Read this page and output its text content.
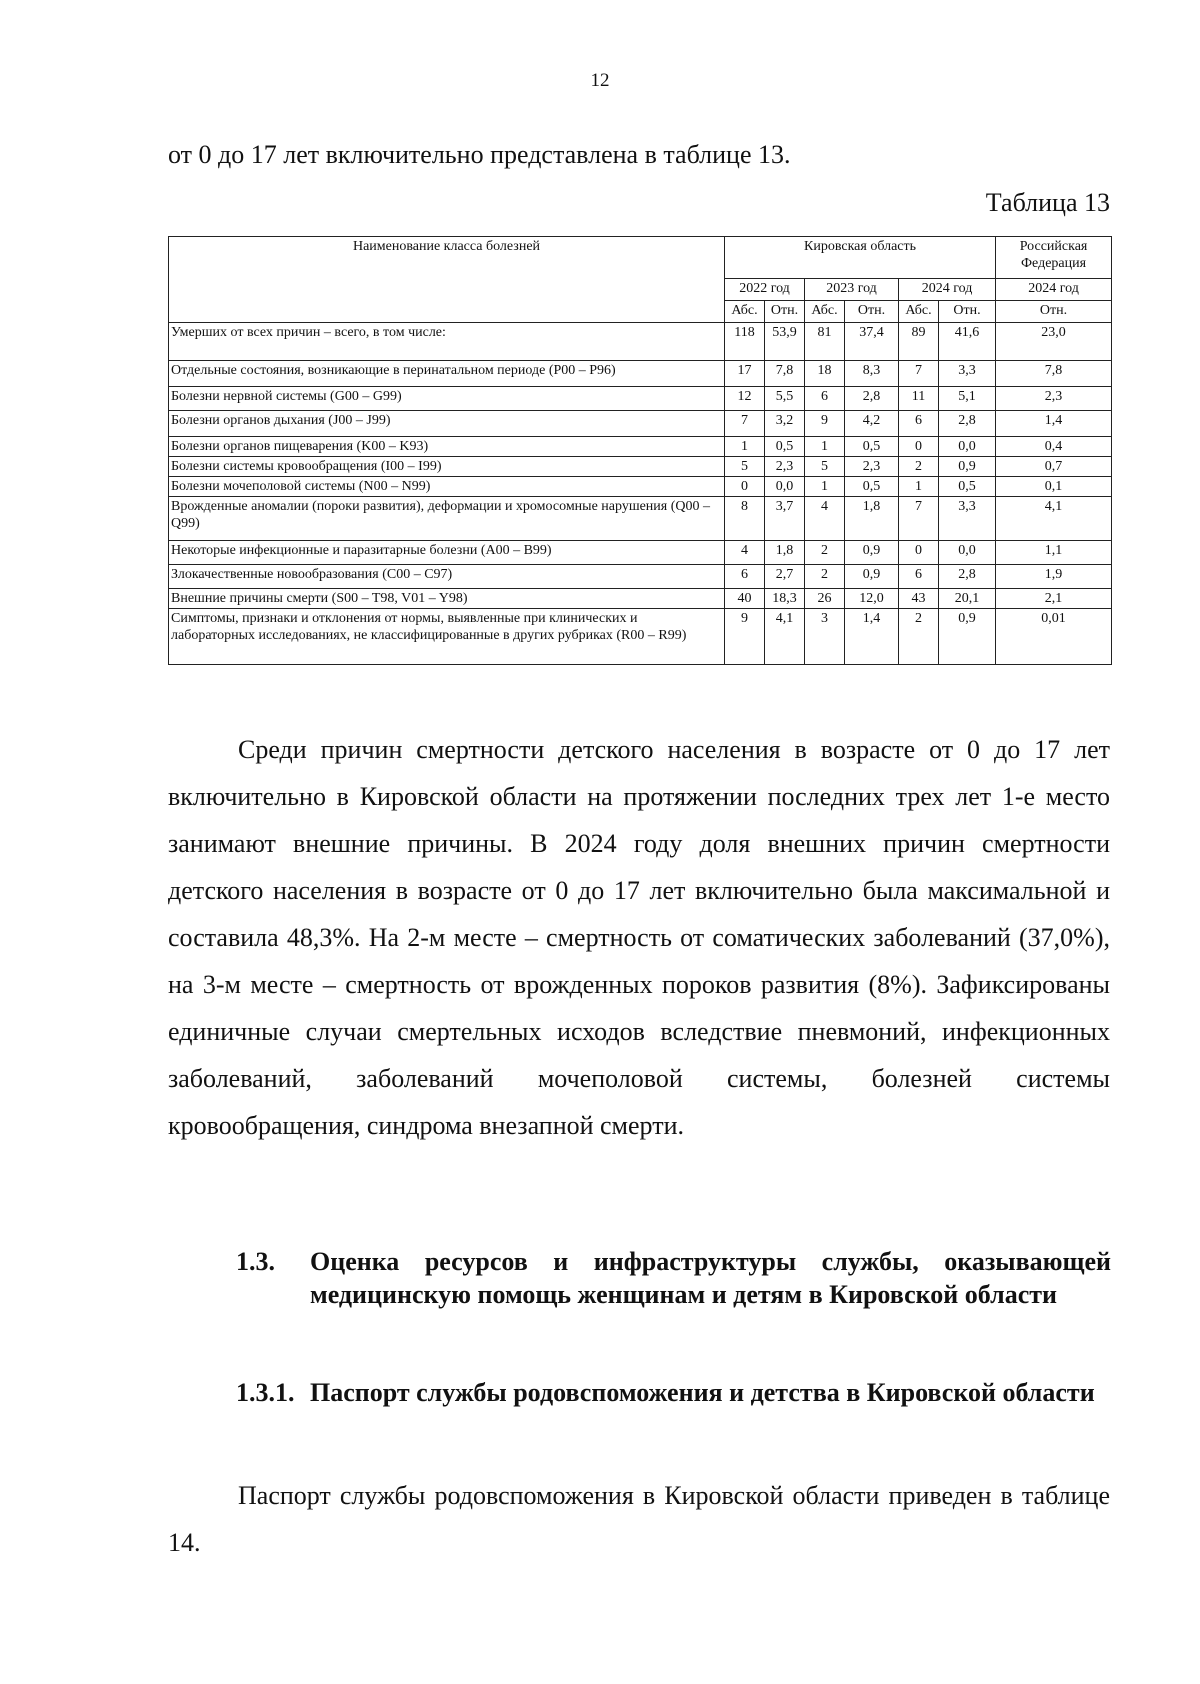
12
от 0 до 17 лет включительно представлена в таблице 13.
Таблица 13
Наименование класса болезней	Кировская область						Российская Федерация
	2022 год		2023 год		2024 год		2024 год
	Абс.	Отн.	Абс.	Отн.	Абс.	Отн.	Отн.
Умерших от всех причин – всего, в том числе:	118	53,9	81	37,4	89	41,6	23,0
Отдельные состояния, возникающие в перинатальном периоде (P00 – P96)	17	7,8	18	8,3	7	3,3	7,8
Болезни нервной системы (G00 – G99)	12	5,5	6	2,8	11	5,1	2,3
Болезни органов дыхания (J00 – J99)	7	3,2	9	4,2	6	2,8	1,4
Болезни органов пищеварения (K00 – K93)	1	0,5	1	0,5	0	0,0	0,4
Болезни системы кровообращения (I00 – I99)	5	2,3	5	2,3	2	0,9	0,7
Болезни мочеполовой системы (N00 – N99)	0	0,0	1	0,5	1	0,5	0,1
Врожденные аномалии (пороки развития), деформации и хромосомные нарушения (Q00 – Q99)	8	3,7	4	1,8	7	3,3	4,1
Некоторые инфекционные и паразитарные болезни (A00 – B99)	4	1,8	2	0,9	0	0,0	1,1
Злокачественные новообразования (C00 – C97)	6	2,7	2	0,9	6	2,8	1,9
Внешние причины смерти (S00 – T98, V01 – Y98)	40	18,3	26	12,0	43	20,1	2,1
Симптомы, признаки и отклонения от нормы, выявленные при клинических и лабораторных исследованиях, не классифицированные в других рубриках (R00 – R99)	9	4,1	3	1,4	2	0,9	0,01
Среди причин смертности детского населения в возрасте от 0 до 17 лет включительно в Кировской области на протяжении последних трех лет 1-е место занимают внешние причины. В 2024 году доля внешних причин смертности детского населения в возрасте от 0 до 17 лет включительно была максимальной и составила 48,3%. На 2-м месте – смертность от соматических заболеваний (37,0%), на 3-м месте – смертность от врожденных пороков развития (8%). Зафиксированы единичные случаи смертельных исходов вследствие пневмоний, инфекционных заболеваний, заболеваний мочеполовой системы, болезней системы кровообращения, синдрома внезапной смерти.
1.3. Оценка ресурсов и инфраструктуры службы, оказывающей медицинскую помощь женщинам и детям в Кировской области
1.3.1. Паспорт службы родовспоможения и детства в Кировской области
Паспорт службы родовспоможения в Кировской области приведен в таблице 14.
